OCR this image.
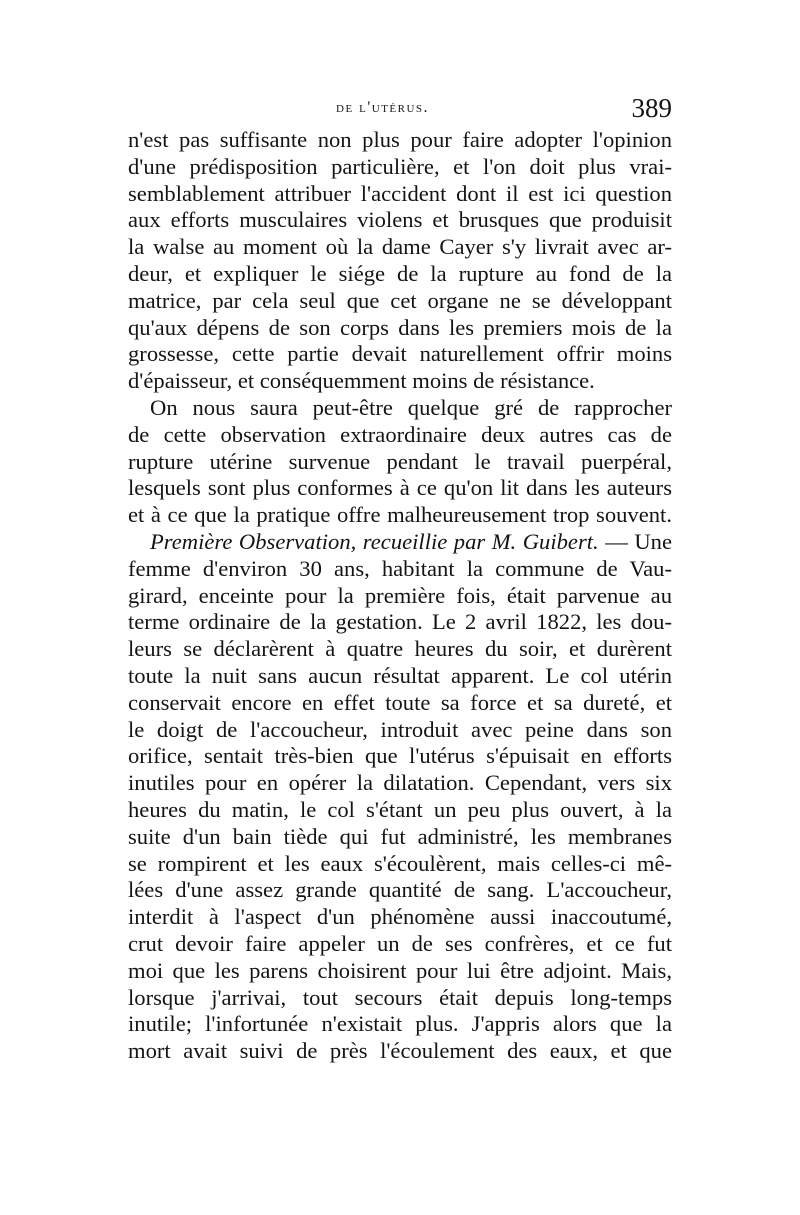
de l'utérus.	389
n'est pas suffisante non plus pour faire adopter l'opinion
d'une prédisposition particulière, et l'on doit plus vrai-
semblablement attribuer l'accident dont il est ici question
aux efforts musculaires violens et brusques que produisit
la walse au moment où la dame Cayer s'y livrait avec ar-
deur, et expliquer le siége de la rupture au fond de la
matrice, par cela seul que cet organe ne se développant
qu'aux dépens de son corps dans les premiers mois de la
grossesse, cette partie devait naturellement offrir moins
d'épaisseur, et conséquemment moins de résistance.
On nous saura peut-être quelque gré de rapprocher
de cette observation extraordinaire deux autres cas de
rupture utérine survenue pendant le travail puerpéral,
lesquels sont plus conformes à ce qu'on lit dans les auteurs
et à ce que la pratique offre malheureusement trop souvent.
Première Observation, recueillie par M. Guibert. — Une
femme d'environ 30 ans, habitant la commune de Vau-
girard, enceinte pour la première fois, était parvenue au
terme ordinaire de la gestation. Le 2 avril 1822, les dou-
leurs se déclarèrent à quatre heures du soir, et durèrent
toute la nuit sans aucun résultat apparent. Le col utérin
conservait encore en effet toute sa force et sa dureté, et
le doigt de l'accoucheur, introduit avec peine dans son
orifice, sentait très-bien que l'utérus s'épuisait en efforts
inutiles pour en opérer la dilatation. Cependant, vers six
heures du matin, le col s'étant un peu plus ouvert, à la
suite d'un bain tiède qui fut administré, les membranes
se rompirent et les eaux s'écoulèrent, mais celles-ci mê-
lées d'une assez grande quantité de sang. L'accoucheur,
interdit à l'aspect d'un phénomène aussi inaccoutumé,
crut devoir faire appeler un de ses confrères, et ce fut
moi que les parens choisirent pour lui être adjoint. Mais,
lorsque j'arrivai, tout secours était depuis long-temps
inutile; l'infortunée n'existait plus. J'appris alors que la
mort avait suivi de près l'écoulement des eaux, et que
